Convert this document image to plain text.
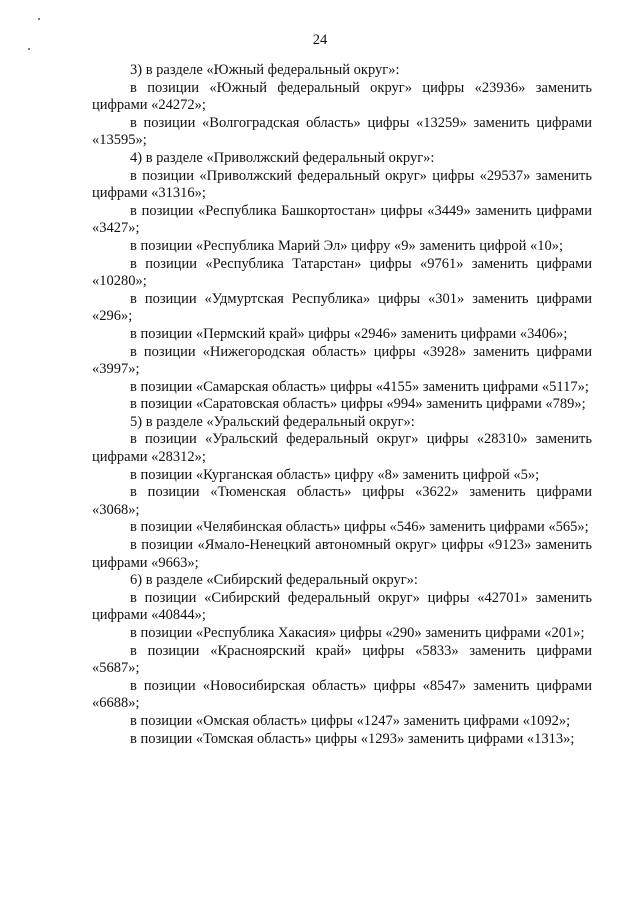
24

3) в разделе «Южный федеральный округ»:

в позиции «Южный федеральный округ» цифры «23936» заменить цифрами «24272»;

в позиции «Волгоградская область» цифры «13259» заменить цифрами «13595»;

4) в разделе «Приволжский федеральный округ»:

в позиции «Приволжский федеральный округ» цифры «29537» заменить цифрами «31316»;

в позиции «Республика Башкортостан» цифры «3449» заменить цифрами «3427»;

в позиции «Республика Марий Эл» цифру «9» заменить цифрой «10»;

в позиции «Республика Татарстан» цифры «9761» заменить цифрами «10280»;

в позиции «Удмуртская Республика» цифры «301» заменить цифрами «296»;

в позиции «Пермский край» цифры «2946» заменить цифрами «3406»;

в позиции «Нижегородская область» цифры «3928» заменить цифрами «3997»;

в позиции «Самарская область» цифры «4155» заменить цифрами «5117»;

в позиции «Саратовская область» цифры «994» заменить цифрами «789»;

5) в разделе «Уральский федеральный округ»:

в позиции «Уральский федеральный округ» цифры «28310» заменить цифрами «28312»;

в позиции «Курганская область» цифру «8» заменить цифрой «5»;

в позиции «Тюменская область» цифры «3622» заменить цифрами «3068»;

в позиции «Челябинская область» цифры «546» заменить цифрами «565»;

в позиции «Ямало-Ненецкий автономный округ» цифры «9123» заменить цифрами «9663»;

6) в разделе «Сибирский федеральный округ»:

в позиции «Сибирский федеральный округ» цифры «42701» заменить цифрами «40844»;

в позиции «Республика Хакасия» цифры «290» заменить цифрами «201»;

в позиции «Красноярский край» цифры «5833» заменить цифрами «5687»;

в позиции «Новосибирская область» цифры «8547» заменить цифрами «6688»;

в позиции «Омская область» цифры «1247» заменить цифрами «1092»;

в позиции «Томская область» цифры «1293» заменить цифрами «1313»;
